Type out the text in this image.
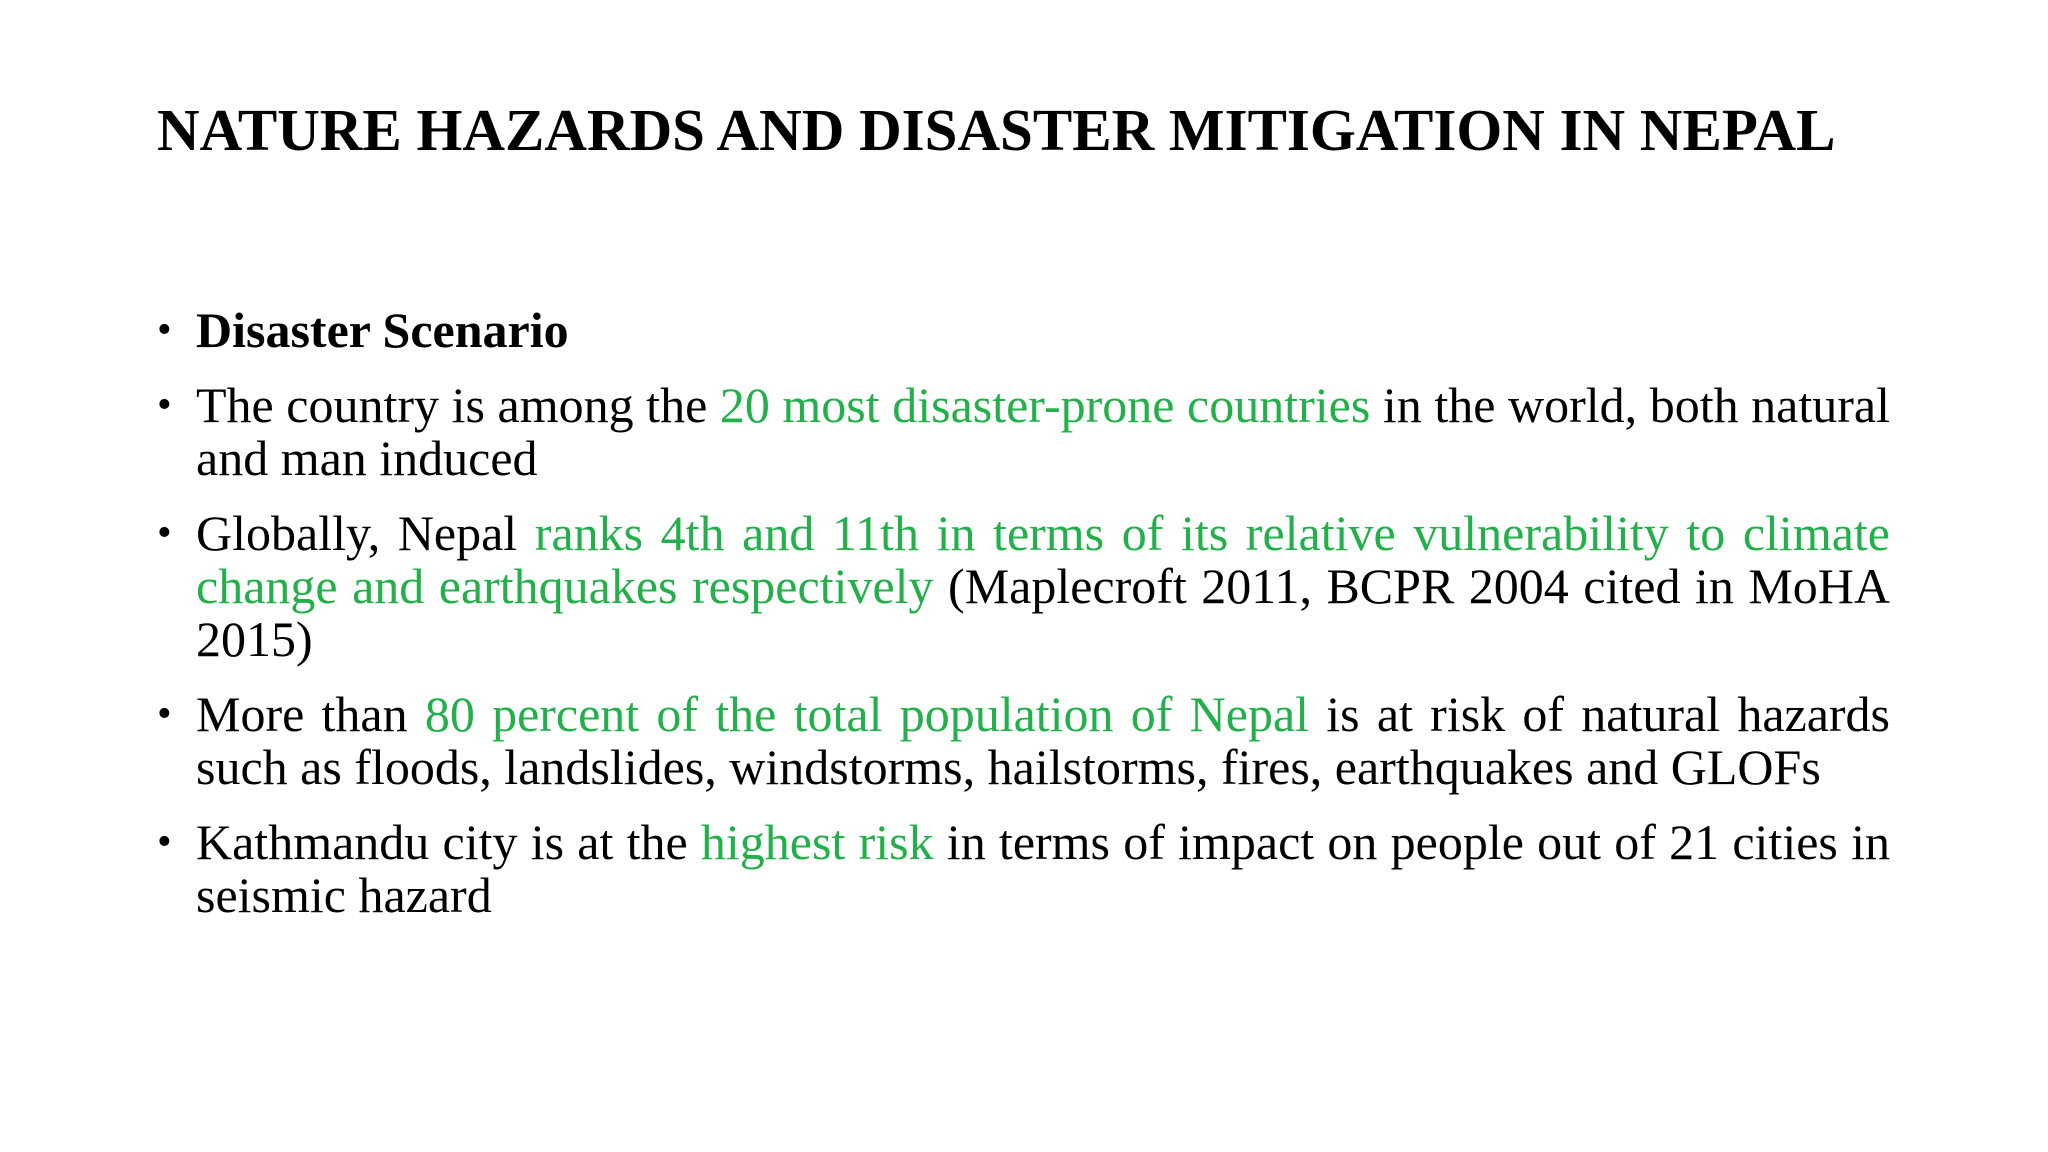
NATURE HAZARDS AND DISASTER MITIGATION IN NEPAL
• Disaster Scenario
• The country is among the 20 most disaster-prone countries in the world, both natural and man induced
• Globally, Nepal ranks 4th and 11th in terms of its relative vulnerability to climate change and earthquakes respectively (Maplecroft 2011, BCPR 2004 cited in MoHA 2015)
• More than 80 percent of the total population of Nepal is at risk of natural hazards such as floods, landslides, windstorms, hailstorms, fires, earthquakes and GLOFs
• Kathmandu city is at the highest risk in terms of impact on people out of 21 cities in seismic hazard
